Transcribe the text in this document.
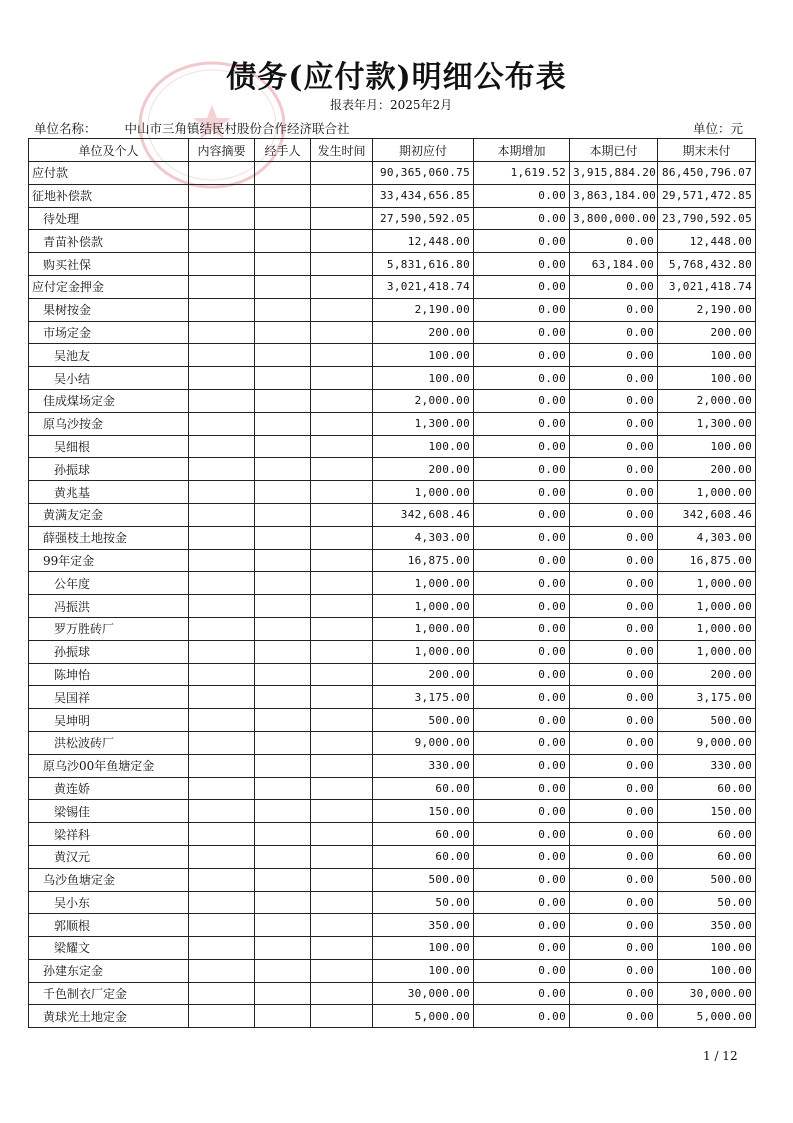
债务(应付款)明细公布表
报表年月：2025年2月
单位名称： 中山市三角镇结民村股份合作经济联合社	单位：元
单位及个人	内容摘要	经手人	发生时间	期初应付	本期增加	本期已付	期末未付
应付款				90,365,060.75	1,619.52	3,915,884.20	86,450,796.07
征地补偿款				33,434,656.85	0.00	3,863,184.00	29,571,472.85
待处理				27,590,592.05	0.00	3,800,000.00	23,790,592.05
青苗补偿款				12,448.00	0.00	0.00	12,448.00
购买社保				5,831,616.80	0.00	63,184.00	5,768,432.80
应付定金押金				3,021,418.74	0.00	0.00	3,021,418.74
果树按金				2,190.00	0.00	0.00	2,190.00
市场定金				200.00	0.00	0.00	200.00
吴池友				100.00	0.00	0.00	100.00
吴小结				100.00	0.00	0.00	100.00
佳成煤场定金				2,000.00	0.00	0.00	2,000.00
原乌沙按金				1,300.00	0.00	0.00	1,300.00
吴细根				100.00	0.00	0.00	100.00
孙振球				200.00	0.00	0.00	200.00
黄兆基				1,000.00	0.00	0.00	1,000.00
黄满友定金				342,608.46	0.00	0.00	342,608.46
薛强枝土地按金				4,303.00	0.00	0.00	4,303.00
99年定金				16,875.00	0.00	0.00	16,875.00
公年度				1,000.00	0.00	0.00	1,000.00
冯振洪				1,000.00	0.00	0.00	1,000.00
罗万胜砖厂				1,000.00	0.00	0.00	1,000.00
孙振球				1,000.00	0.00	0.00	1,000.00
陈坤怡				200.00	0.00	0.00	200.00
吴国祥				3,175.00	0.00	0.00	3,175.00
吴坤明				500.00	0.00	0.00	500.00
洪松波砖厂				9,000.00	0.00	0.00	9,000.00
原乌沙00年鱼塘定金				330.00	0.00	0.00	330.00
黄连娇				60.00	0.00	0.00	60.00
梁锡佳				150.00	0.00	0.00	150.00
梁祥科				60.00	0.00	0.00	60.00
黄汉元				60.00	0.00	0.00	60.00
乌沙鱼塘定金				500.00	0.00	0.00	500.00
吴小东				50.00	0.00	0.00	50.00
郭顺根				350.00	0.00	0.00	350.00
梁耀文				100.00	0.00	0.00	100.00
孙建东定金				100.00	0.00	0.00	100.00
千色制衣厂定金				30,000.00	0.00	0.00	30,000.00
黄球光土地定金				5,000.00	0.00	0.00	5,000.00
1 / 12
